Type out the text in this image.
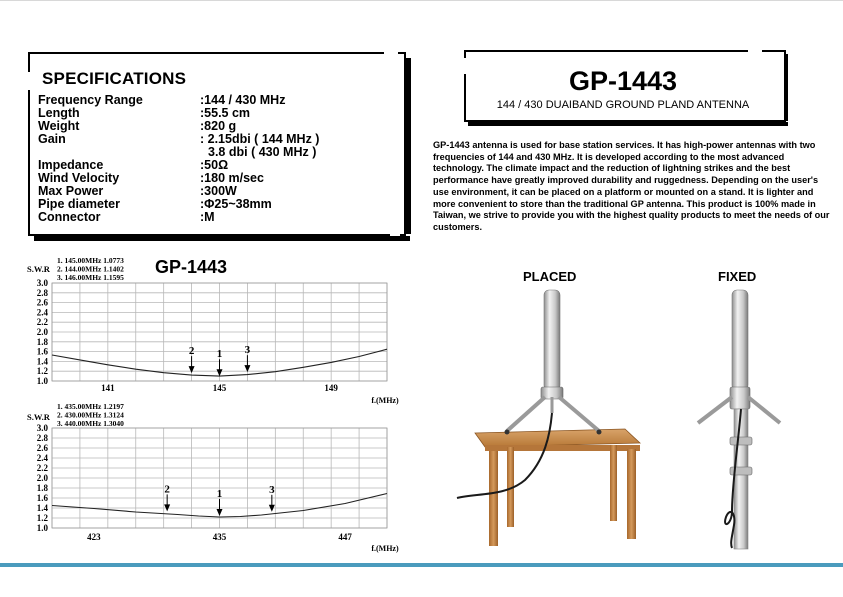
SPECIFICATIONS
Frequency Range	:144 / 430 MHz
Length	:55.5 cm
Weight	:820 g
Gain	: 2.15dbi ( 144 MHz )
3.8 dbi ( 430 MHz )
Impedance	:50Ω
Wind Velocity	:180 m/sec
Max Power	:300W
Pipe diameter	:Φ25~38mm
Connector	:M
GP-1443
144 / 430 DUAIBAND GROUND PLAND ANTENNA
GP-1443 antenna is used for base station services. It has high-power antennas with two frequencies of 144 and 430 MHz. It is developed according to the most advanced technology. The climate impact and the reduction of lightning strikes and the best performance have greatly improved durability and ruggedness. Depending on the user's use environment, it can be placed on a platform or mounted on a stand. It is lighter and more convenient to store than the traditional GP antenna. This product is 100% made in Taiwan, we strive to provide you with the highest quality products to meet the needs of our customers.
1.0
1.2
1.4
1.6
1.8
2.0
2.2
2.4
2.6
2.8
3.0
141	145	149
f.(MHz)
S.W.R
1. 145.00MHz 1.0773
2. 144.00MHz 1.1402
3. 146.00MHz 1.1595
GP-1443
1
2	3
1.0
1.2
1.4
1.6
1.8
2.0
2.2
2.4
2.6
2.8
3.0
423	435	447
f.(MHz)
S.W.R
1. 435.00MHz 1.2197
2. 430.00MHz 1.3124
3. 440.00MHz 1.3040
1
2	3
PLACED	FIXED
